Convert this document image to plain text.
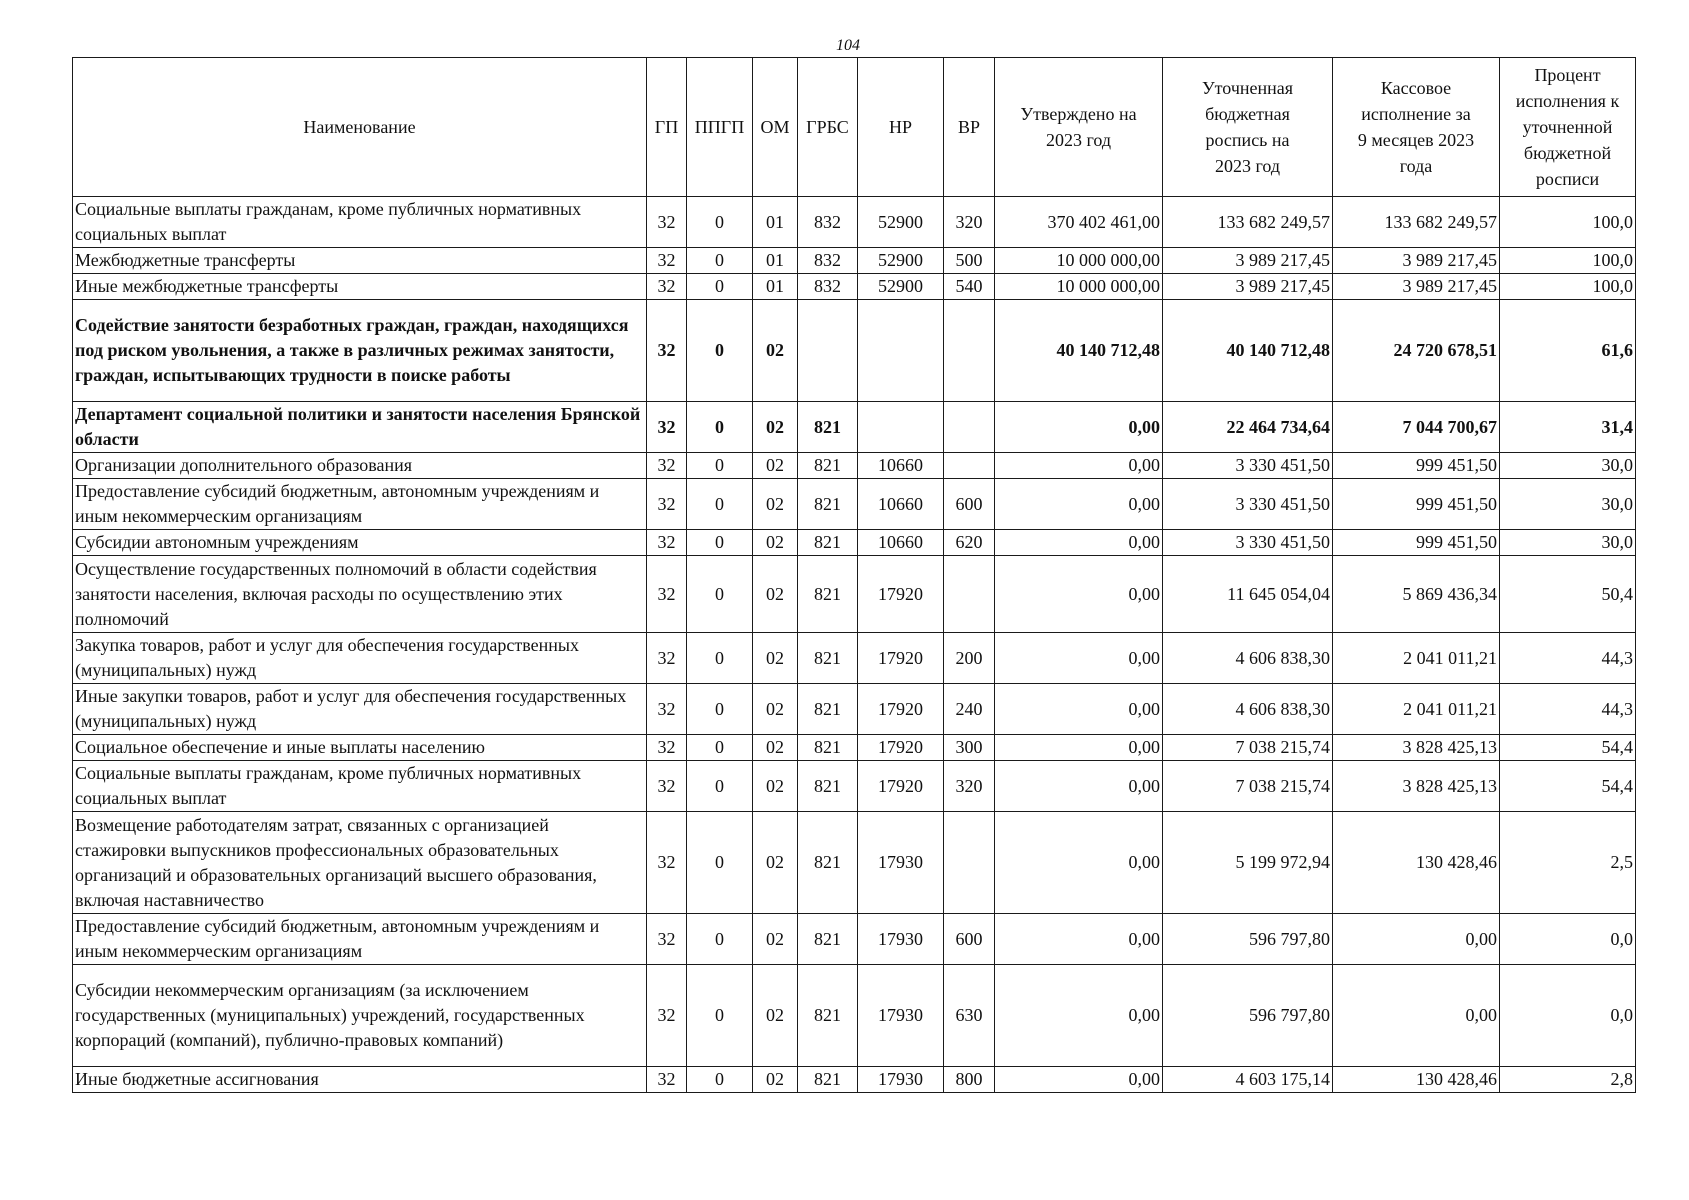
104
Наименование	ГП	ППГП	ОМ	ГРБС	НР	ВР	Утверждено на 2023 год	Уточненная бюджетная роспись на 2023 год	Кассовое исполнение за 9 месяцев 2023 года	Процент исполнения к уточненной бюджетной росписи
Социальные выплаты гражданам, кроме публичных нормативных социальных выплат	32	0	01	832	52900	320	370 402 461,00	133 682 249,57	133 682 249,57	100,0
Межбюджетные трансферты	32	0	01	832	52900	500	10 000 000,00	3 989 217,45	3 989 217,45	100,0
Иные межбюджетные трансферты	32	0	01	832	52900	540	10 000 000,00	3 989 217,45	3 989 217,45	100,0
Содействие занятости безработных граждан, граждан, находящихся под риском увольнения, а также в различных режимах занятости, граждан, испытывающих трудности в поиске работы	32	0	02				40 140 712,48	40 140 712,48	24 720 678,51	61,6
Департамент социальной политики и занятости населения Брянской области	32	0	02	821			0,00	22 464 734,64	7 044 700,67	31,4
Организации дополнительного образования	32	0	02	821	10660		0,00	3 330 451,50	999 451,50	30,0
Предоставление субсидий бюджетным, автономным учреждениям и иным некоммерческим организациям	32	0	02	821	10660	600	0,00	3 330 451,50	999 451,50	30,0
Субсидии автономным учреждениям	32	0	02	821	10660	620	0,00	3 330 451,50	999 451,50	30,0
Осуществление государственных полномочий в области содействия занятости населения, включая расходы по осуществлению этих полномочий	32	0	02	821	17920		0,00	11 645 054,04	5 869 436,34	50,4
Закупка товаров, работ и услуг для обеспечения государственных (муниципальных) нужд	32	0	02	821	17920	200	0,00	4 606 838,30	2 041 011,21	44,3
Иные закупки товаров, работ и услуг для обеспечения государственных (муниципальных) нужд	32	0	02	821	17920	240	0,00	4 606 838,30	2 041 011,21	44,3
Социальное обеспечение и иные выплаты населению	32	0	02	821	17920	300	0,00	7 038 215,74	3 828 425,13	54,4
Социальные выплаты гражданам, кроме публичных нормативных социальных выплат	32	0	02	821	17920	320	0,00	7 038 215,74	3 828 425,13	54,4
Возмещение работодателям затрат, связанных с организацией стажировки выпускников профессиональных образовательных организаций и образовательных организаций высшего образования, включая наставничество	32	0	02	821	17930		0,00	5 199 972,94	130 428,46	2,5
Предоставление субсидий бюджетным, автономным учреждениям и иным некоммерческим организациям	32	0	02	821	17930	600	0,00	596 797,80	0,00	0,0
Субсидии некоммерческим организациям (за исключением государственных (муниципальных) учреждений, государственных корпораций (компаний), публично-правовых компаний)	32	0	02	821	17930	630	0,00	596 797,80	0,00	0,0
Иные бюджетные ассигнования	32	0	02	821	17930	800	0,00	4 603 175,14	130 428,46	2,8
